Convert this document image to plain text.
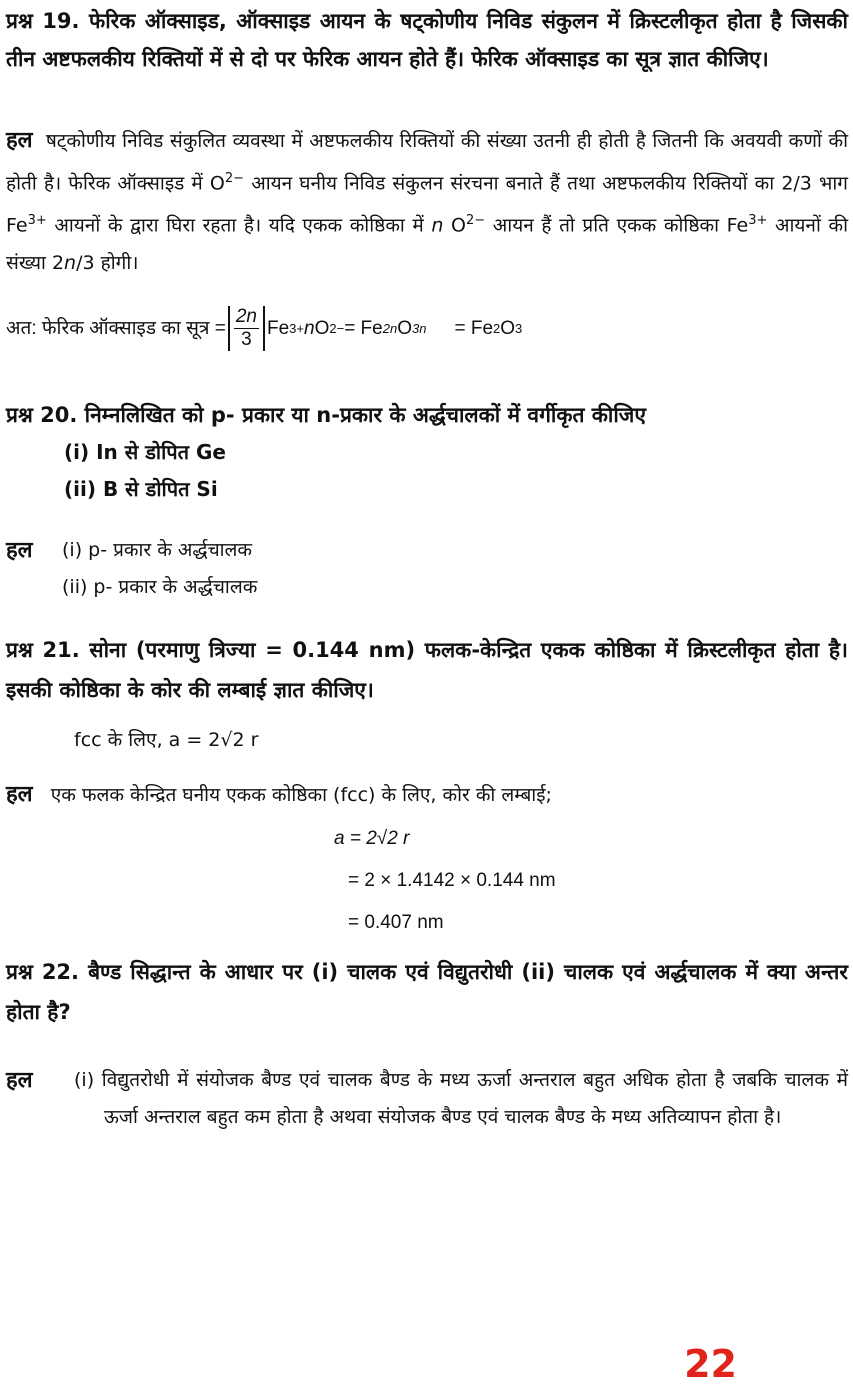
प्रश्न 19. फेरिक ऑक्साइड, ऑक्साइड आयन के षट्कोणीय निविड संकुलन में क्रिस्टलीकृत होता है जिसकी तीन अष्टफलकीय रिक्तियों में से दो पर फेरिक आयन होते हैं। फेरिक ऑक्साइड का सूत्र ज्ञात कीजिए।

हल षट्कोणीय निविड संकुलित व्यवस्था में अष्टफलकीय रिक्तियों की संख्या उतनी ही होती है जितनी कि अवयवी कणों की होती है। फेरिक ऑक्साइड में $O^{2-}$ आयन घनीय निविड संकुलन संरचना बनाते हैं तथा अष्टफलकीय रिक्तियों का 2/3 भाग $Fe^{3+}$ आयनों के द्वारा घिरा रहता है। यदि एकक कोष्ठिका में n $O^{2-}$ आयन हैं तो प्रति एकक कोष्ठिका $Fe^{3+}$ आयनों की संख्या 2n/3 होगी।

अत: फेरिक ऑक्साइड का सूत्र = $\frac{2n}{3}$ Fe 3+ n O 2− = Fe 2n O 3n = Fe 2 O 3

प्रश्न 20. निम्नलिखित को p- प्रकार या n-प्रकार के अर्द्धचालकों में वर्गीकृत कीजिए

(i) In से डोपित Ge
(ii) B से डोपित Si
हल	(i) p- प्रकार के अर्द्धचालक
(ii) p- प्रकार के अर्द्धचालक

प्रश्न 21. सोना (परमाणु त्रिज्या = 0.144 nm) फलक-केन्द्रित एकक कोष्ठिका में क्रिस्टलीकृत होता है। इसकी कोष्ठिका के कोर की लम्बाई ज्ञात कीजिए।

fcc के लिए, a = 2√2 r

हल एक फलक केन्द्रित घनीय एकक कोष्ठिका (fcc) के लिए, कोर की लम्बाई;

a = 2√2 r
= 2 × 1.4142 × 0.144 nm
= 0.407 nm

प्रश्न 22. बैण्ड सिद्धान्त के आधार पर (i) चालक एवं विद्युतरोधी (ii) चालक एवं अर्द्धचालक में क्या अन्तर होता है?

हल	(i) विद्युतरोधी में संयोजक बैण्ड एवं चालक बैण्ड के मध्य ऊर्जा अन्तराल बहुत अधिक होता है जबकि चालक में ऊर्जा अन्तराल बहुत कम होता है अथवा संयोजक बैण्ड एवं चालक बैण्ड के मध्य अतिव्यापन होता है।

22
